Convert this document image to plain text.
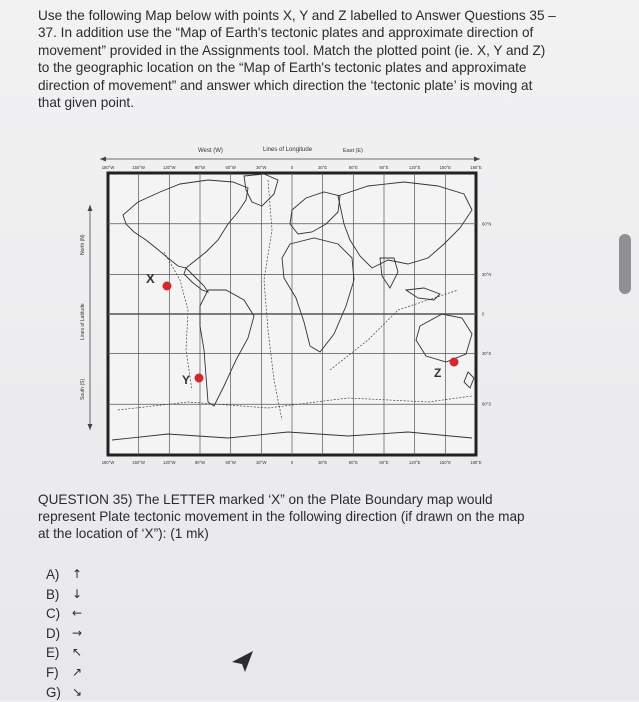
Use the following Map below with points X, Y and Z labelled to Answer Questions 35 – 37. In addition use the “Map of Earth's tectonic plates and approximate direction of movement” provided in the Assignments tool. Match the plotted point (ie. X, Y and Z) to the geographic location on the “Map of Earth's tectonic plates and approximate direction of movement” and answer which direction the ‘tectonic plate’ is moving at that given point.

West (W)	Lines of Longitude	East (E)
180°W	150°W	120°W	90°W	60°W	30°W	0	30°E	60°E	90°E	120°E	150°E	180°E
180°W	150°W	120°W	90°W	60°W	30°W	0	30°E	60°E	90°E	120°E	150°E	180°E
60°N
30°N
0
30°S
60°S
North (N)
Lines of Latitude
South (S)
X
Y	Z

QUESTION 35) The LETTER marked ‘X” on the Plate Boundary map would represent Plate tectonic movement in the following direction (if drawn on the map at the location of ‘X”): (1 mk)

A)	↑
B)	↓
C) ←
D) →
E)	↖
F)	↗
G) ↘
